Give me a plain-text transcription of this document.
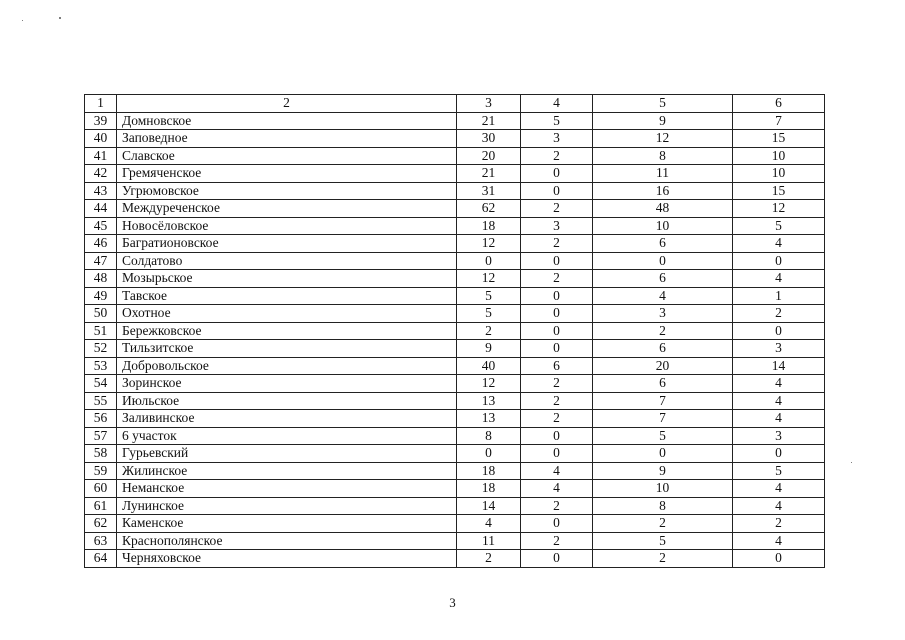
1	2	3	4	5	6
39	Домновское	21	5	9	7
40	Заповедное	30	3	12	15
41	Славское	20	2	8	10
42	Гремяченское	21	0	11	10
43	Угрюмовское	31	0	16	15
44	Междуреченское	62	2	48	12
45	Новосёловское	18	3	10	5
46	Багратионовское	12	2	6	4
47	Солдатово	0	0	0	0
48	Мозырьское	12	2	6	4
49	Тавское	5	0	4	1
50	Охотное	5	0	3	2
51	Бережковское	2	0	2	0
52	Тильзитское	9	0	6	3
53	Добровольское	40	6	20	14
54	Зоринское	12	2	6	4
55	Июльское	13	2	7	4
56	Заливинское	13	2	7	4
57	6 участок	8	0	5	3
58	Гурьевский	0	0	0	0
59	Жилинское	18	4	9	5
60	Неманское	18	4	10	4
61	Лунинское	14	2	8	4
62	Каменское	4	0	2	2
63	Краснополянское	11	2	5	4
64	Черняховское	2	0	2	0
3
